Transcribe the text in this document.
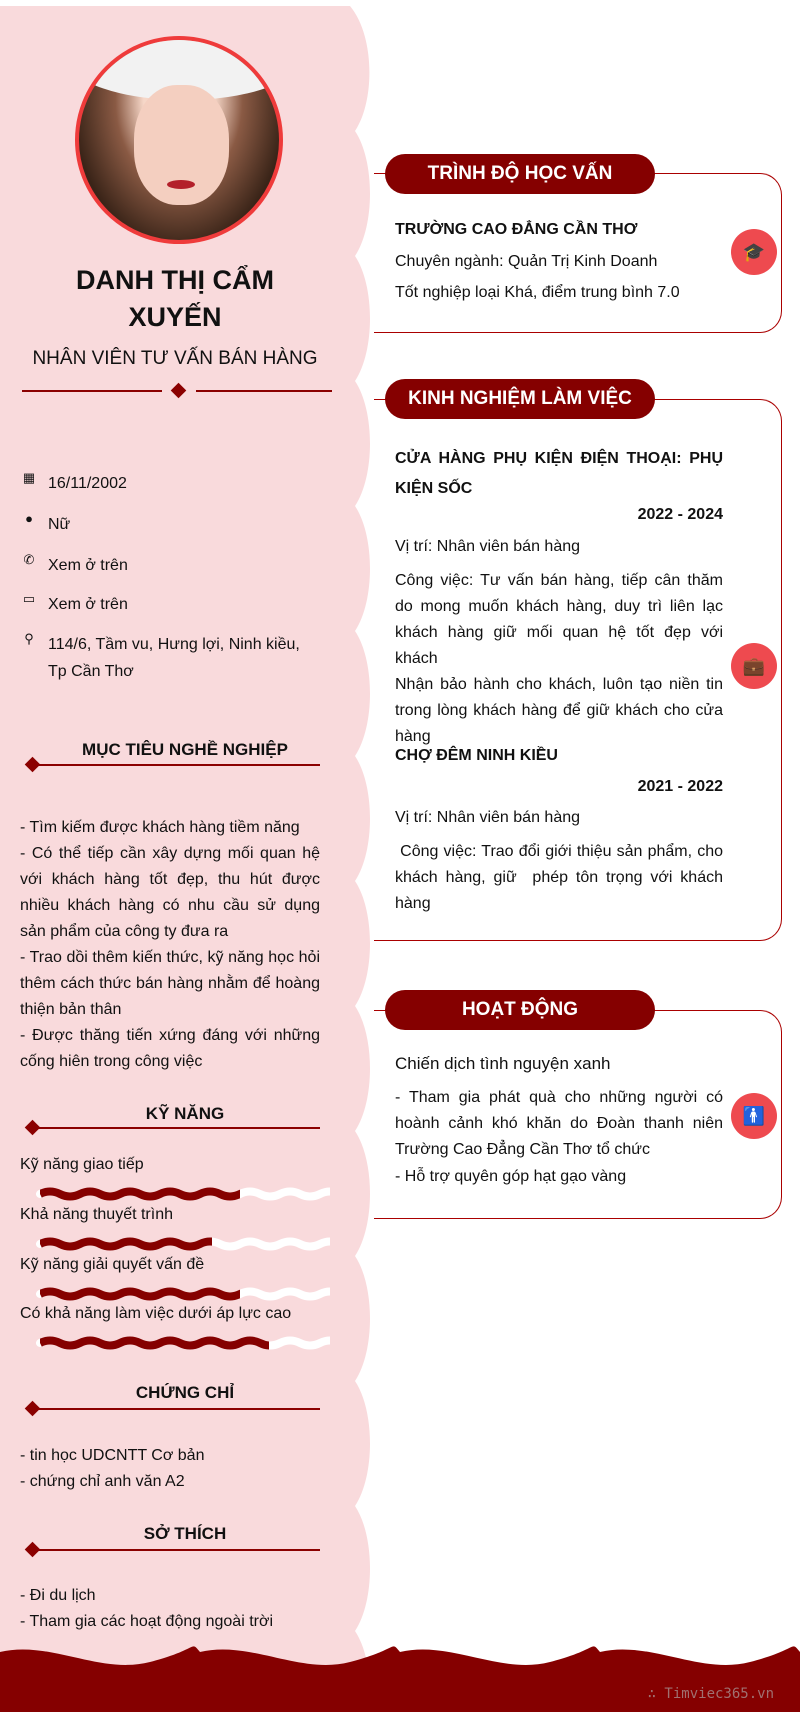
DANH THỊ CẨM
XUYẾN
NHÂN VIÊN TƯ VẤN BÁN HÀNG
▦ 16/11/2002
● Nữ
✆ Xem ở trên
▭ Xem ở trên
⚲ 114/6, Tầm vu, Hưng lợi, Ninh kiều,
Tp Cần Thơ
MỤC TIÊU NGHỀ NGHIỆP
- Tìm kiếm được khách hàng tiềm năng
- Có thể tiếp cần xây dựng mối quan hệ với khách hàng tốt đẹp, thu hút được nhiều khách hàng có nhu cầu sử dụng sản phẩm của công ty đưa ra
- Trao dồi thêm kiến thức, kỹ năng học hỏi thêm cách thức bán hàng nhằm để hoàng thiện bản thân
- Được thăng tiến xứng đáng với những cống hiên trong công việc
KỸ NĂNG
Kỹ năng giao tiếp
Khả năng thuyết trình
Kỹ năng giải quyết vấn đề
Có khả năng làm việc dưới áp lực cao
CHỨNG CHỈ
- tin học UDCNTT Cơ bản
- chứng chỉ anh văn A2
SỞ THÍCH
- Đi du lịch
- Tham gia các hoạt động ngoài trời
TRÌNH ĐỘ HỌC VẤN
🎓
TRƯỜNG CAO ĐẲNG CẦN THƠ
Chuyên ngành: Quản Trị Kinh Doanh
Tốt nghiệp loại Khá, điểm trung bình 7.0
KINH NGHIỆM LÀM VIỆC
💼
CỬA HÀNG PHỤ KIỆN ĐIỆN THOẠI: PHỤ KIỆN SỐC
2022 - 2024
Vị trí: Nhân viên bán hàng
Công việc: Tư vấn bán hàng, tiếp cân thăm do mong muốn khách hàng, duy trì liên lạc khách hàng giữ mối quan hệ tốt đẹp với khách
Nhận bảo hành cho khách, luôn tạo niền tin trong lòng khách hàng để giữ khách cho cửa hàng
CHỢ ĐÊM NINH KIỀU
2021 - 2022
Vị trí: Nhân viên bán hàng
Công việc: Trao đổi giới thiệu sản phẩm, cho khách hàng, giữ  phép tôn trọng với khách hàng
HOẠT ĐỘNG
🚹
Chiến dịch tình nguyện xanh
- Tham gia phát quà cho những người có hoành cảnh khó khăn do Đoàn thanh niên Trường Cao Đẳng Cần Thơ tổ chức
- Hỗ trợ quyên góp hạt gạo vàng
∴ Timviec365.vn
